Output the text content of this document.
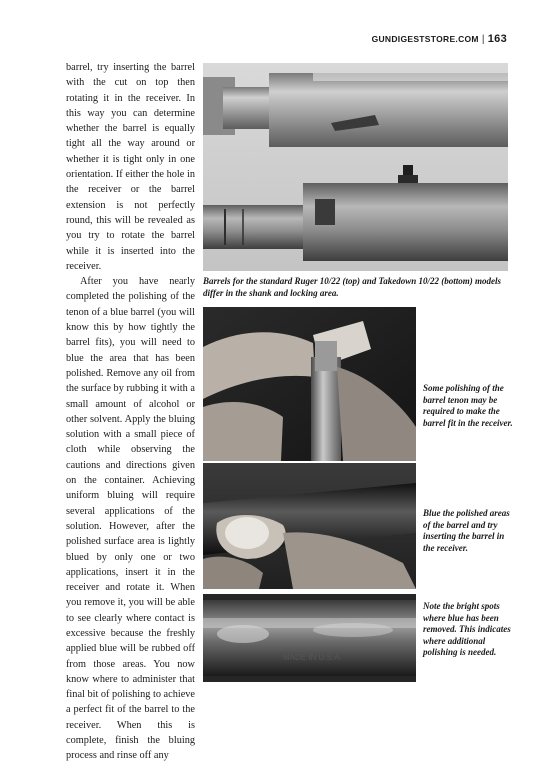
GUNDIGESTSTORE.COM | 163

barrel, try inserting the barrel with the cut on top then rotating it in the receiver. In this way you can determine whether the barrel is equally tight all the way around or whether it is tight only in one orientation. If either the hole in the receiver or the barrel extension is not perfectly round, this will be revealed as you try to rotate the barrel while it is inserted into the receiver.

After you have nearly completed the polishing of the tenon of a blue barrel (you will know this by how tightly the barrel fits), you will need to blue the area that has been polished. Remove any oil from the surface by rubbing it with a small amount of alcohol or other solvent. Apply the bluing solution with a small piece of cloth while observing the cautions and directions given on the container. Achieving uniform bluing will require several applications of the solution. However, after the polished surface area is lightly blued by only one or two applications, insert it in the receiver and rotate it. When you remove it, you will be able to see clearly where contact is excessive because the freshly applied blue will be rubbed off from those areas. You now know where to administer that final bit of polishing to achieve a perfect fit of the barrel to the receiver. When this is complete, finish the bluing process and rinse off any

Barrels for the standard Ruger 10/22 (top) and Takedown 10/22 (bottom) models differ in the shank and locking area.

Some polishing of the barrel tenon may be required to make the barrel fit in the receiver.

Blue the polished areas of the barrel and try inserting the barrel in the receiver.

MADE IN U.S.A.

Note the bright spots where blue has been removed. This indicates where additional polishing is needed.
